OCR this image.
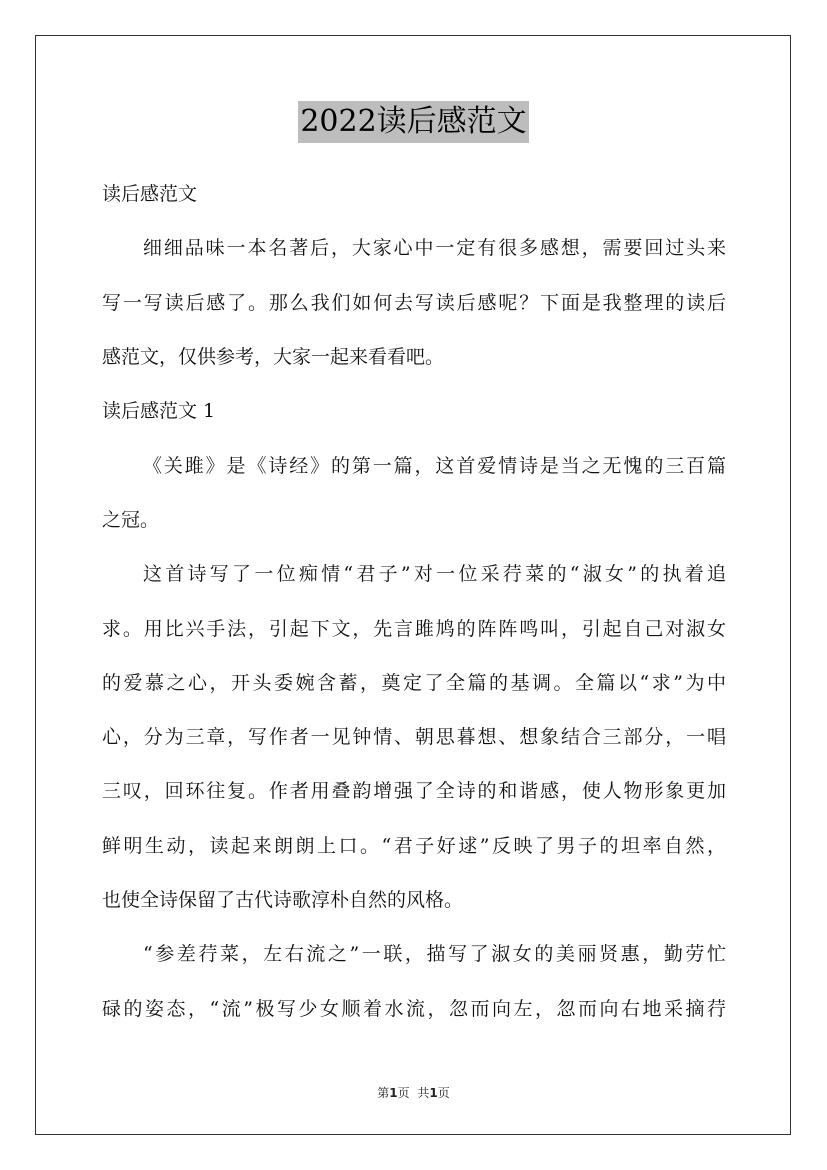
2022读后感范文
读后感范文
细细品味一本名著后，大家心中一定有很多感想，需要回过头来
写一写读后感了。那么我们如何去写读后感呢？下面是我整理的读后
感范文，仅供参考，大家一起来看看吧。
读后感范文 1
《关雎》是《诗经》的第一篇，这首爱情诗是当之无愧的三百篇
之冠。
这首诗写了一位痴情“君子”对一位采荇菜的“淑女”的执着追
求。用比兴手法，引起下文，先言雎鸠的阵阵鸣叫，引起自己对淑女
的爱慕之心，开头委婉含蓄，奠定了全篇的基调。全篇以“求”为中
心，分为三章，写作者一见钟情、朝思暮想、想象结合三部分，一唱
三叹，回环往复。作者用叠韵增强了全诗的和谐感，使人物形象更加
鲜明生动，读起来朗朗上口。“君子好逑”反映了男子的坦率自然，
也使全诗保留了古代诗歌淳朴自然的风格。
“参差荇菜，左右流之”一联，描写了淑女的美丽贤惠，勤劳忙
碌的姿态，“流”极写少女顺着水流，忽而向左，忽而向右地采摘荇
第1页 共1页
